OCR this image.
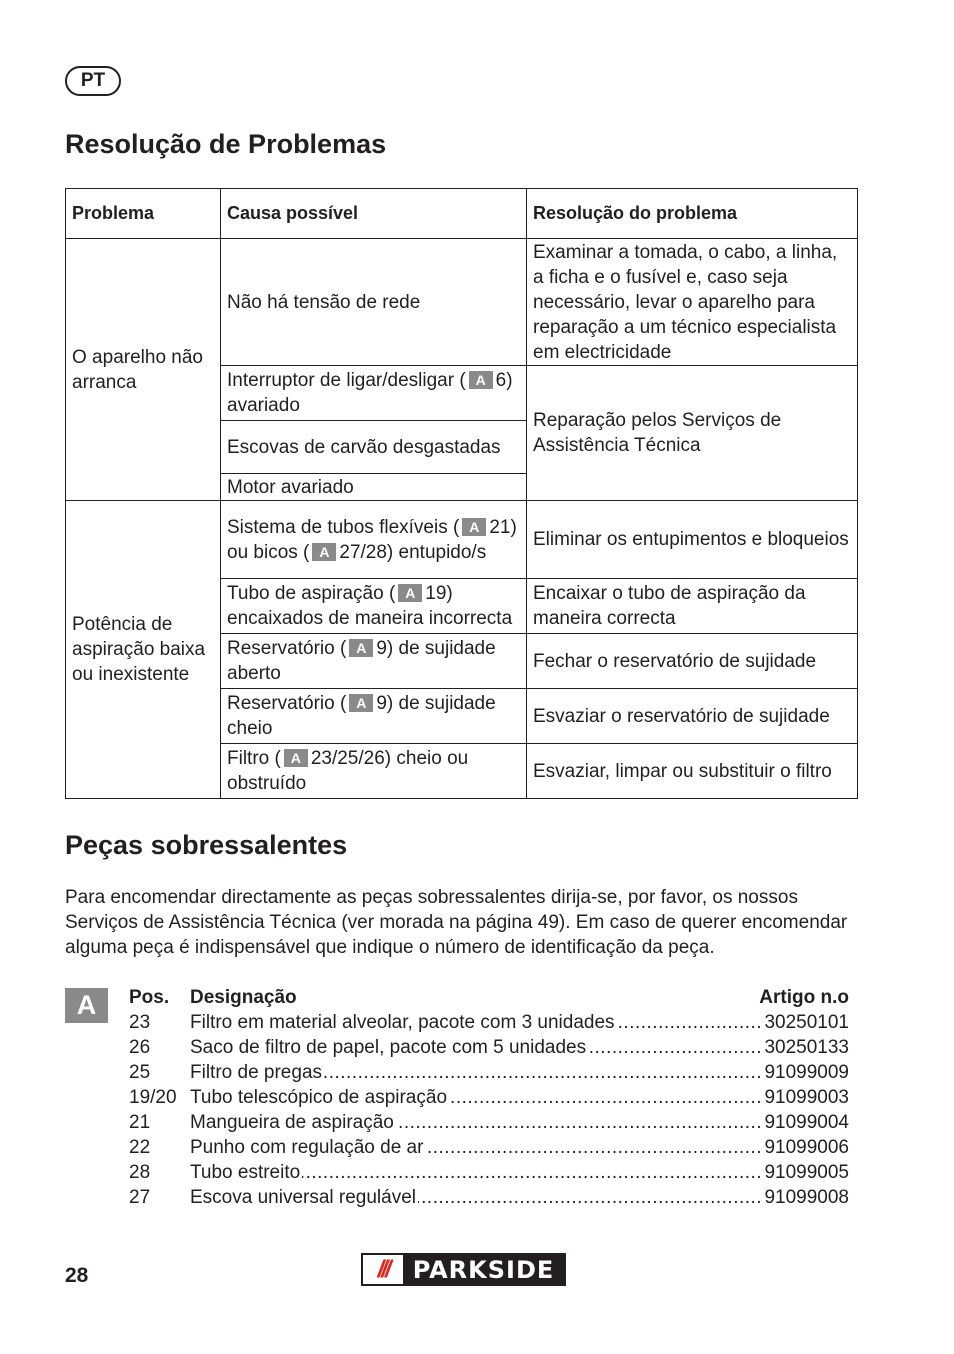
PT
Resolução de Problemas
Problema	Causa possível	Resolução do problema
O aparelho não arranca	Não há tensão de rede	Examinar a tomada, o cabo, a linha, a ficha e o fusível e, caso seja necessário, levar o aparelho para reparação a um técnico especialista em electricidade
	Interruptor de ligar/desligar ( A 6) avariado	Reparação pelos Serviços de Assistência Técnica
	Escovas de carvão desgastadas	
	Motor avariado	
Potência de aspiração baixa ou inexistente	Sistema de tubos flexíveis ( A 21) ou bicos ( A 27/28) entupido/s	Eliminar os entupimentos e bloqueios
	Tubo de aspiração ( A 19) encaixados de maneira incorrecta	Encaixar o tubo de aspiração da maneira correcta
	Reservatório ( A 9) de sujidade aberto	Fechar o reservatório de sujidade
	Reservatório ( A 9) de sujidade cheio	Esvaziar o reservatório de sujidade
	Filtro ( A 23/25/26) cheio ou obstruído	Esvaziar, limpar ou substituir o filtro
Peças sobressalentes

Para encomendar directamente as peças sobressalentes dirija-se, por favor, os nossos Serviços de Assistência Técnica (ver morada na página 49). Em caso de querer encomendar alguma peça é indispensável que indique o número de identificação da peça.

A	Pos.	Designação	Artigo n.o
23	Filtro em material alveolar, pacote com 3 unidades .....	30250101
26	Saco de filtro de papel, pacote com 5 unidades .....	30250133
25	Filtro de pregas .....	91099009
19/20 Tubo telescópico de aspiração .....	91099003
21	Mangueira de aspiração .....	91099004
22	Punho com regulação de ar .....	91099006
28	Tubo estreito .....	91099005
27	Escova universal regulável .....	91099008
28	///	PARKSIDE
